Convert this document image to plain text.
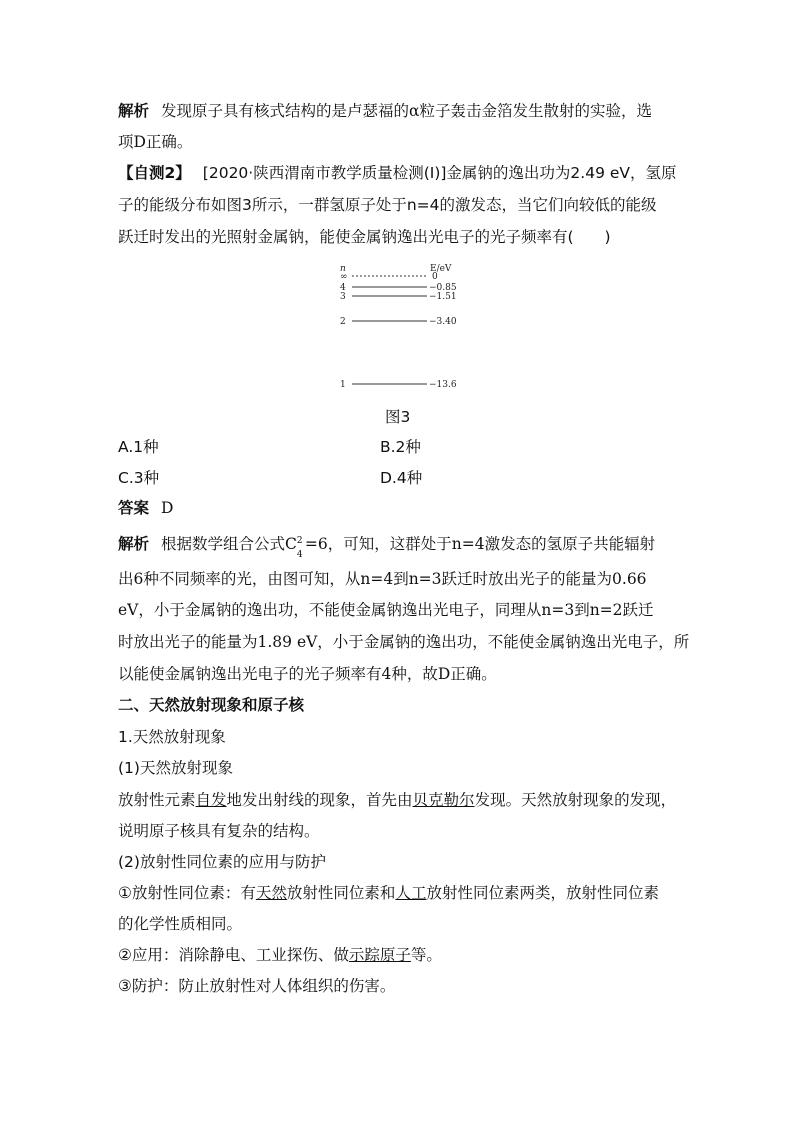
解析 发现原子具有核式结构的是卢瑟福的α粒子轰击金箔发生散射的实验，选
项D正确。
【自测2】 [2020·陕西渭南市教学质量检测(Ⅰ)]金属钠的逸出功为2.49 eV，氢原
子的能级分布如图3所示，一群氢原子处于n=4的激发态，当它们向较低的能级
跃迁时发出的光照射金属钠，能使金属钠逸出光电子的光子频率有(　　)
n	E/eV
∞	0
4	−0.85
3	−1.51
2	−3.40
1	−13.6
图3
A.1种	B.2种
C.3种	D.4种
答案 D
解析 根据数学组合公式C 2
4
=6，可知，这群处于n=4激发态的氢原子共能辐射
出6种不同频率的光，由图可知，从n=4到n=3跃迁时放出光子的能量为0.66
eV，小于金属钠的逸出功，不能使金属钠逸出光电子，同理从n=3到n=2跃迁
时放出光子的能量为1.89 eV，小于金属钠的逸出功，不能使金属钠逸出光电子，所
以能使金属钠逸出光电子的光子频率有4种，故D正确。
二、天然放射现象和原子核
1.天然放射现象
(1)天然放射现象
放射性元素自发地发出射线的现象，首先由贝克勒尔发现。天然放射现象的发现，
说明原子核具有复杂的结构。
(2)放射性同位素的应用与防护
①放射性同位素：有天然放射性同位素和人工放射性同位素两类，放射性同位素
的化学性质相同。
②应用：消除静电、工业探伤、做示踪原子等。
③防护：防止放射性对人体组织的伤害。
